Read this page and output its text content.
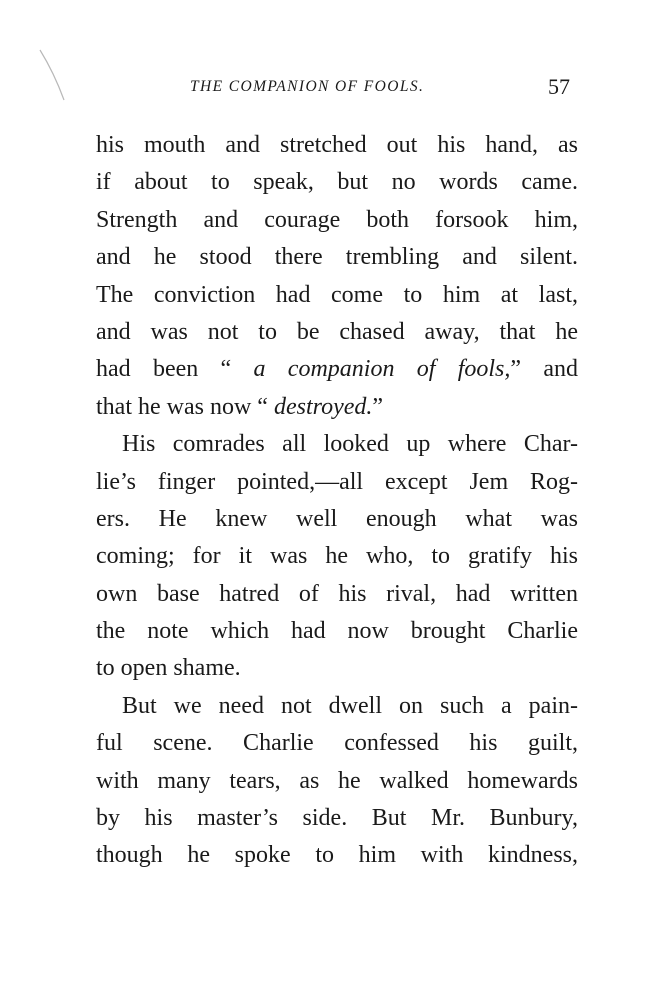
THE COMPANION OF FOOLS.	57
his mouth and stretched out his hand, as
if about to speak, but no words came.
Strength and courage both forsook him,
and he stood there trembling and silent.
The conviction had come to him at last,
and was not to be chased away, that he
had been “ a companion of fools,” and
that he was now “ destroyed.”
His comrades all looked up where Char-
lie’s finger pointed,—all except Jem Rog-
ers. He knew well enough what was
coming; for it was he who, to gratify his
own base hatred of his rival, had written
the note which had now brought Charlie
to open shame.
But we need not dwell on such a pain-
ful scene. Charlie confessed his guilt,
with many tears, as he walked homewards
by his master’s side. But Mr. Bunbury,
though he spoke to him with kindness,
